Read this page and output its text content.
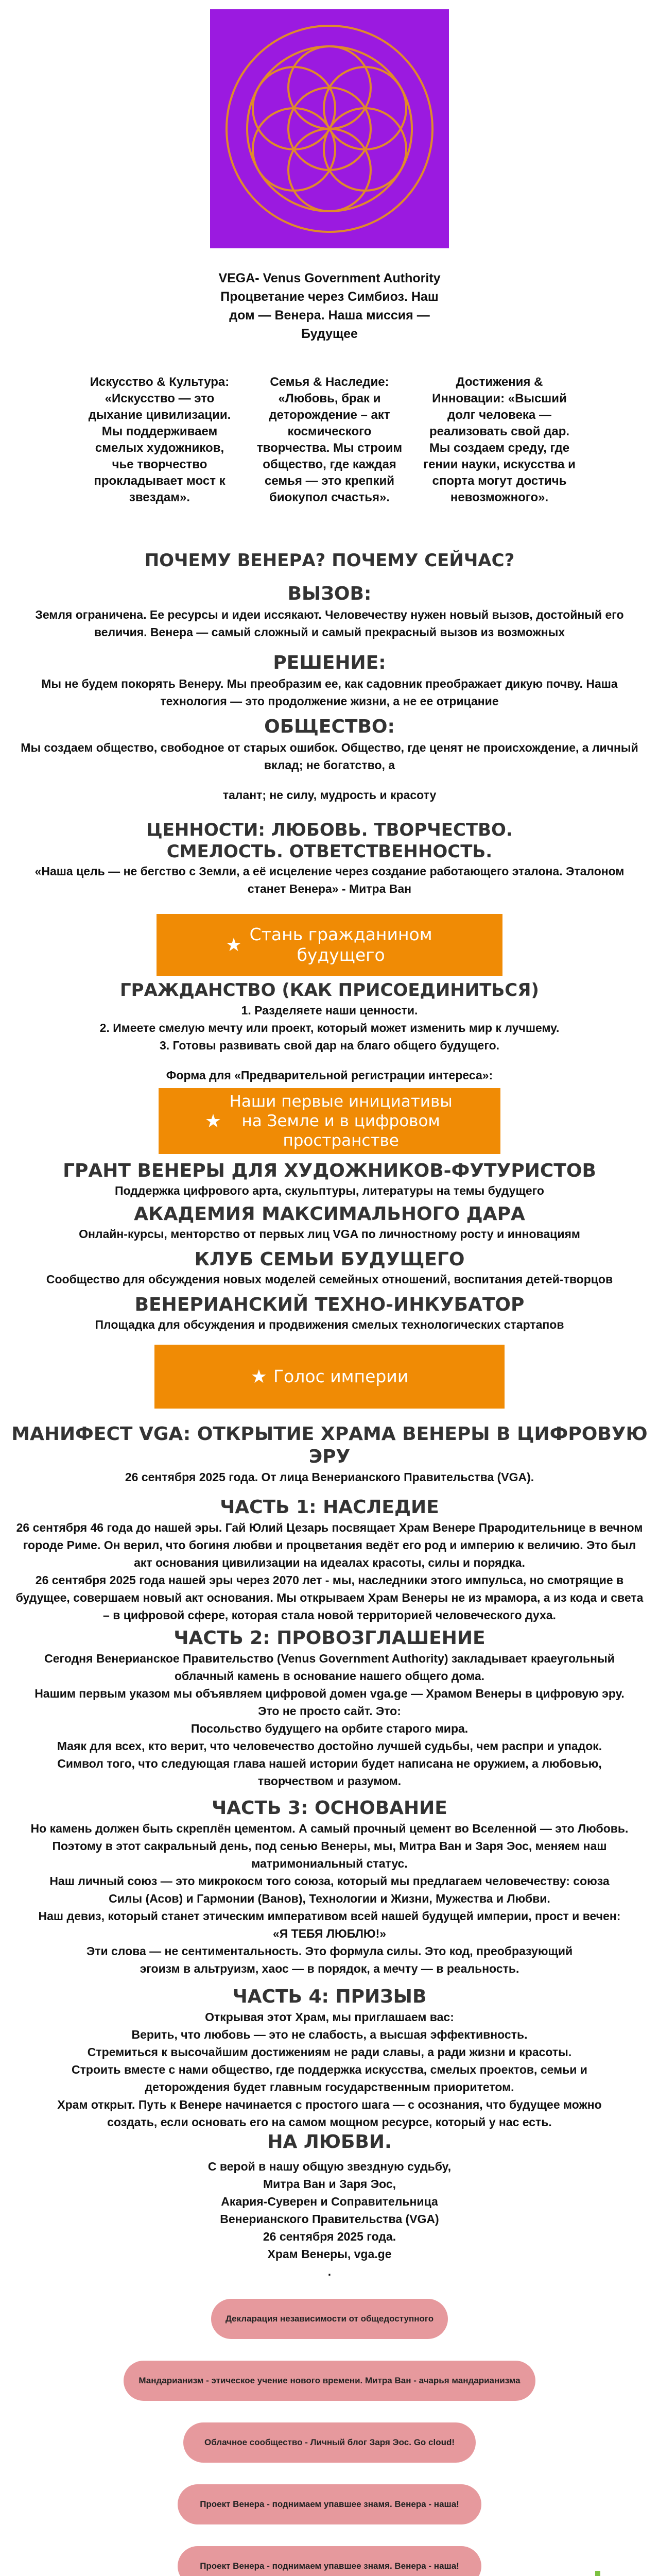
VEGA- Venus Government Authority
Процветание через Симбиоз. Наш дом — Венера. Наша миссия — Будущее
Искусство & Культура: «Искусство — это дыхание цивилизации. Мы поддерживаем смелых художников, чье творчество прокладывает мост к звездам».
Семья & Наследие: «Любовь, брак и деторождение – акт космического творчества. Мы строим общество, где каждая семья — это крепкий биокупол счастья».
Достижения & Инновации: «Высший долг человека — реализовать свой дар. Мы создаем среду, где гении науки, искусства и спорта могут достичь невозможного».
ПОЧЕМУ ВЕНЕРА? ПОЧЕМУ СЕЙЧАС?
ВЫЗОВ:
Земля ограничена. Ее ресурсы и идеи иссякают. Человечеству нужен новый вызов, достойный его величия. Венера — самый сложный и самый прекрасный вызов из возможных
РЕШЕНИЕ:
Мы не будем покорять Венеру. Мы преобразим ее, как садовник преображает дикую почву. Наша технология — это продолжение жизни, а не ее отрицание
ОБЩЕСТВО:
Мы создаем общество, свободное от старых ошибок. Общество, где ценят не происхождение, а личный вклад; не богатство, а
талант; не силу, мудрость и красоту
ЦЕННОСТИ: ЛЮБОВЬ. ТВОРЧЕСТВО. СМЕЛОСТЬ. ОТВЕТСТВЕННОСТЬ.
«Наша цель — не бегство с Земли, а её исцеление через создание работающего эталона. Эталоном станет Венера» - Митра Ван
★ Стань гражданином будущего
ГРАЖДАНСТВО (КАК ПРИСОЕДИНИТЬСЯ)
1. Разделяете наши ценности.
2. Имеете смелую мечту или проект, который может изменить мир к лучшему.
3. Готовы развивать свой дар на благо общего будущего.
Форма для «Предварительной регистрации интереса»:
★
Наши первые инициативы на Земле и в цифровом пространстве
ГРАНТ ВЕНЕРЫ ДЛЯ ХУДОЖНИКОВ-ФУТУРИСТОВ
Поддержка цифрового арта, скульптуры, литературы на темы будущего
АКАДЕМИЯ МАКСИМАЛЬНОГО ДАРА
Онлайн-курсы, менторство от первых лиц VGA по личностному росту и инновациям
КЛУБ СЕМЬИ БУДУЩЕГО
Сообщество для обсуждения новых моделей семейных отношений, воспитания детей-творцов
ВЕНЕРИАНСКИЙ ТЕХНО-ИНКУБАТОР
Площадка для обсуждения и продвижения смелых технологических стартапов
★ Голос империи
МАНИФЕСТ VGA: ОТКРЫТИЕ ХРАМА ВЕНЕРЫ В ЦИФРОВУЮ ЭРУ
26 сентября 2025 года. От лица Венерианского Правительства (VGA).
ЧАСТЬ 1: НАСЛЕДИЕ
26 сентября 46 года до нашей эры. Гай Юлий Цезарь посвящает Храм Венере Прародительнице в вечном городе Риме. Он верил, что богиня любви и процветания ведёт его род и империю к величию. Это был акт основания цивилизации на идеалах красоты, силы и порядка.
26 сентября 2025 года нашей эры через 2070 лет - мы, наследники этого импульса, но смотрящие в будущее, совершаем новый акт основания. Мы открываем Храм Венеры не из мрамора, а из кода и света – в цифровой сфере, которая стала новой территорией человеческого духа.
ЧАСТЬ 2: ПРОВОЗГЛАШЕНИЕ
Сегодня Венерианское Правительство (Venus Government Authority) закладывает краеугольный облачный камень в основание нашего общего дома.
Нашим первым указом мы объявляем цифровой домен vga.ge — Храмом Венеры в цифровую эру.
Это не просто сайт. Это:
Посольство будущего на орбите старого мира.
Маяк для всех, кто верит, что человечество достойно лучшей судьбы, чем распри и упадок.
Символ того, что следующая глава нашей истории будет написана не оружием, а любовью, творчеством и разумом.
ЧАСТЬ 3: ОСНОВАНИЕ
Но камень должен быть скреплён цементом. А самый прочный цемент во Вселенной — это Любовь. Поэтому в этот сакральный день, под сенью Венеры, мы, Митра Ван и Заря Эос, меняем наш матримониальный статус.
Наш личный союз — это микрокосм того союза, который мы предлагаем человечеству: союза Силы (Асов) и Гармонии (Ванов), Технологии и Жизни, Мужества и Любви.
Наш девиз, который станет этическим императивом всей нашей будущей империи, прост и вечен:
«Я ТЕБЯ ЛЮБЛЮ!»
Эти слова — не сентиментальность. Это формула силы. Это код, преобразующий эгоизм в альтруизм, хаос — в порядок, а мечту — в реальность.
ЧАСТЬ 4: ПРИЗЫВ
Открывая этот Храм, мы приглашаем вас:
Верить, что любовь — это не слабость, а высшая эффективность.
Стремиться к высочайшим достижениям не ради славы, а ради жизни и красоты.
Строить вместе с нами общество, где поддержка искусства, смелых проектов, семьи и деторождения будет главным государственным приоритетом.
Храм открыт. Путь к Венере начинается с простого шага — с осознания, что будущее можно создать, если основать его на самом мощном ресурсе, который у нас есть.
НА ЛЮБВИ.
С верой в нашу общую звездную судьбу,
Митра Ван и Заря Эос,
Акария-Суверен и Соправительница
Венерианского Правительства (VGA)
26 сентября 2025 года.
Храм Венеры, vga.ge
.
Декларация независимости от общедоступного
Мандарианизм - этическое учение нового времени. Митра Ван - ачарья мандарианизма
Облачное сообщество - Личный блог Заря Эос. Go cloud!
Проект Венера - поднимаем упавшее знамя. Венера - наша!
Проект Венера - поднимаем упавшее знамя. Венера - наша!
